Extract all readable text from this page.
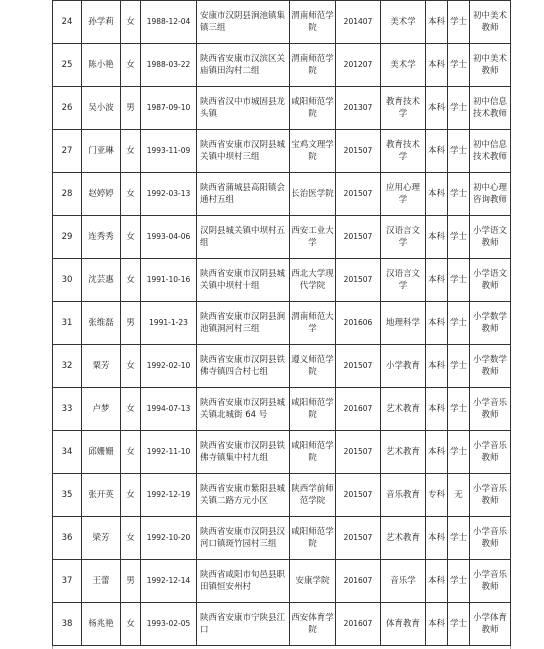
24	孙学莉	女	1988-12-04	安康市汉阴县涧池镇集镇三组	渭南师范学院	201407	美术学	本科	学士	初中美术教师
25	陈小艳	女	1988-03-22	陕西省安康市汉滨区关庙镇田沟村二组	渭南师范学院	201207	美术学	本科	学士	初中美术教师
26	吴小波	男	1987-09-10	陕西省汉中市城固县龙头镇	咸阳师范学院	201307	教育技术学	本科	学士	初中信息技术教师
27	门亚琳	女	1993-11-09	陕西省安康市汉阴县城关镇中坝村三组	宝鸡文理学院	201507	教育技术学	本科	学士	初中信息技术教师
28	赵婷婷	女	1992-03-13	陕西省蒲城县高阳镇会通村五组	长治医学院	201507	应用心理学	本科	学士	初中心理咨询教师
29	连秀秀	女	1993-04-06	汉阴县城关镇中坝村五组	西安工业大学	201507	汉语言文学	本科	学士	小学语文教师
30	沈芸惠	女	1991-10-16	陕西省安康市汉阴县城关镇中坝村十组	西北大学现代学院	201507	汉语言文学	本科	学士	小学语文教师
31	张维磊	男	1991-1-23	陕西省安康市汉阴县涧池镇洞河村三组	渭南师范大学	201606	地理科学	本科	学士	小学数学教师
32	粟芳	女	1992-02-10	陕西省安康市汉阴县铁佛寺镇四合村七组	遵义师范学院	201507	小学教育	本科	学士	小学数学教师
33	卢梦	女	1994-07-13	陕西省安康市汉阴县城关镇北城街 64 号	咸阳师范学院	201607	艺术教育	本科	学士	小学音乐教师
34	邱姗姗	女	1992-11-10	陕西省安康市汉阴县铁佛寺镇集中村九组	咸阳师范学院	201507	艺术教育	本科	学士	小学音乐教师
35	张开英	女	1992-12-19	陕西省安康市紫阳县城关镇二路方元小区	陕西学前师范学院	201507	音乐教育	专科	无	小学音乐教师
36	梁芳	女	1992-10-20	陕西省安康市汉阴县汉河口镇斑竹园村三组	咸阳师范学院	201507	艺术教育	本科	学士	小学音乐教师
37	王蕾	男	1992-12-14	陕西省咸阳市旬邑县职田镇恒安州村	安康学院	201607	音乐学	本科	学士	小学音乐教师
38	杨兆艳	女	1993-02-05	陕西省安康市宁陕县江口	西安体育学院	201607	体育教育	本科	学士	小学体育教师
